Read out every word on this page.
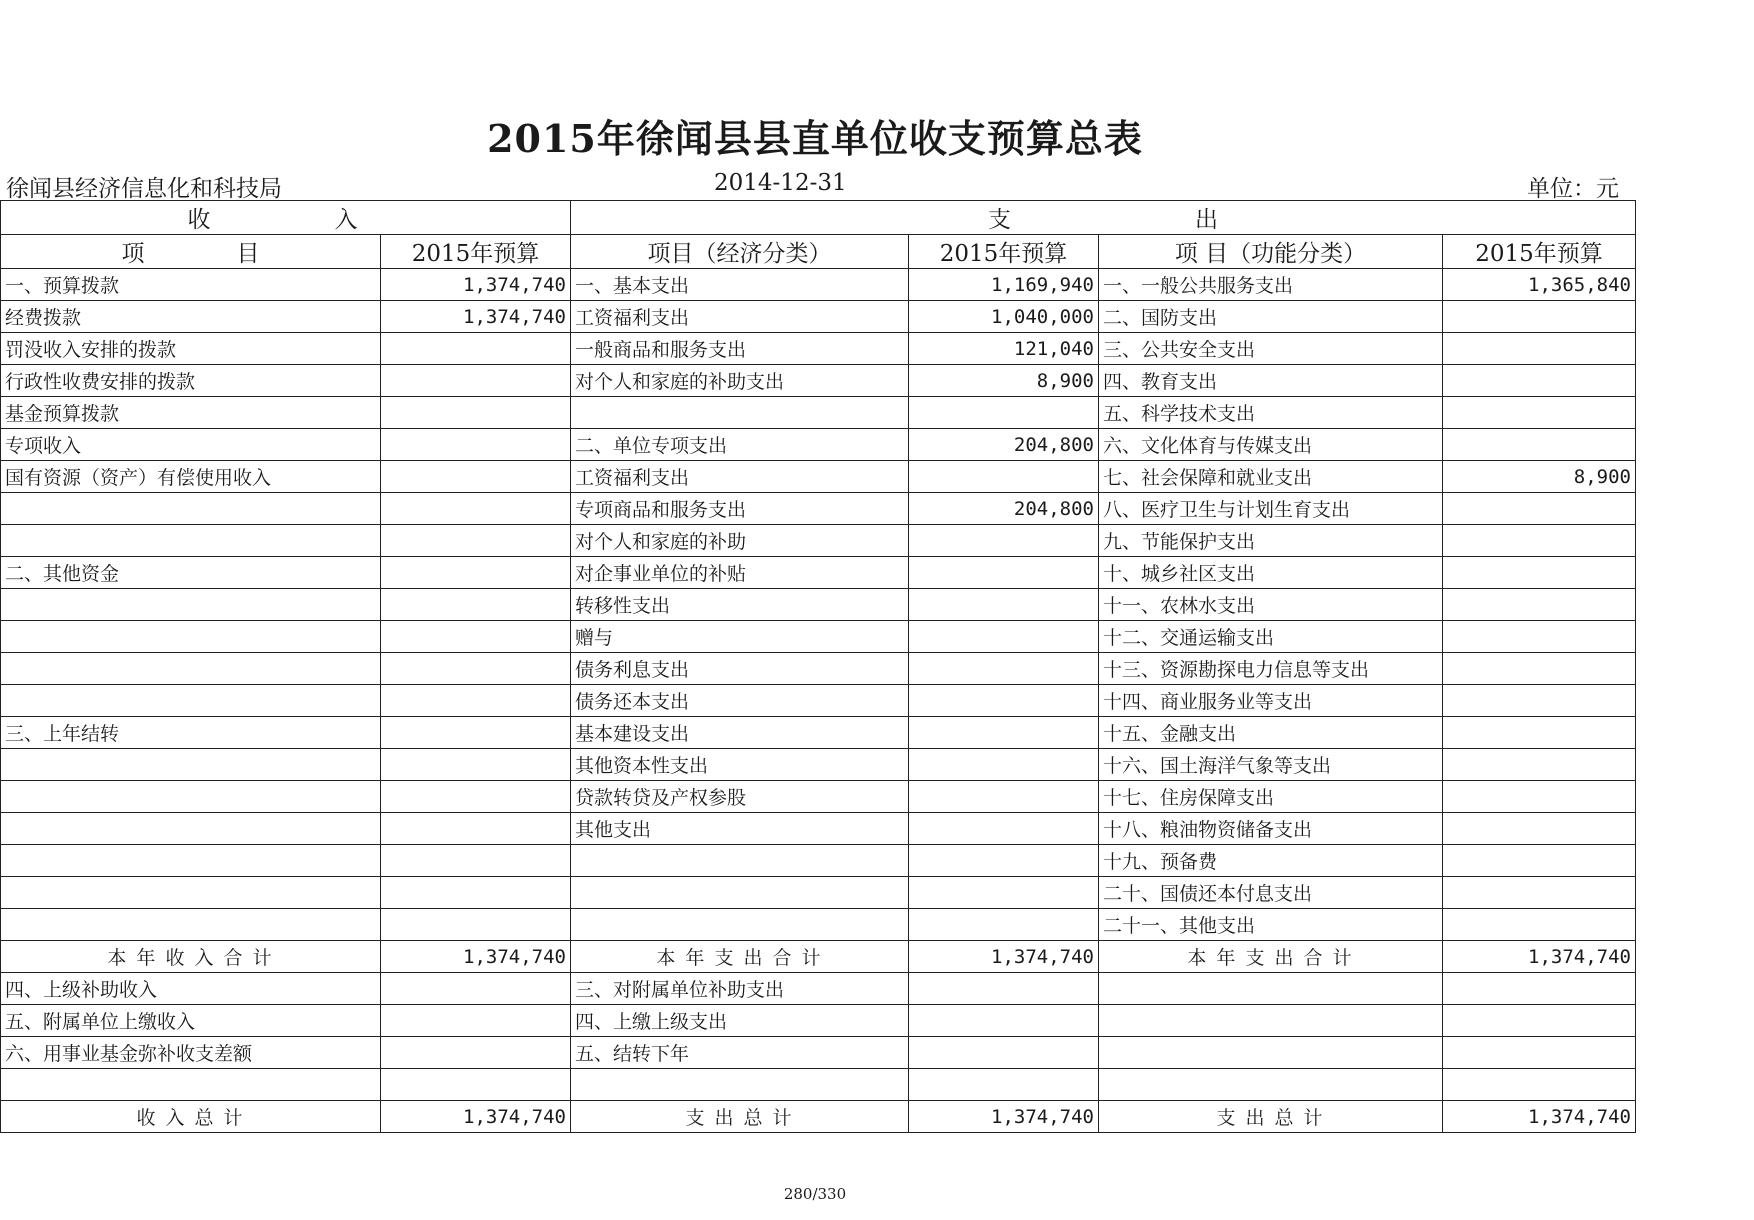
2015年徐闻县县直单位收支预算总表
徐闻县经济信息化和科技局	2014-12-31	单位：元
收　　入		支　　　　　　　　出			
项　　　　目	2015年预算	项目（经济分类）	2015年预算	项 目（功能分类）	2015年预算
一、预算拨款	1,374,740	一、基本支出	1,169,940	一、一般公共服务支出	1,365,840
经费拨款	1,374,740	工资福利支出	1,040,000	二、国防支出	
罚没收入安排的拨款		一般商品和服务支出	121,040	三、公共安全支出	
行政性收费安排的拨款		对个人和家庭的补助支出	8,900	四、教育支出	
基金预算拨款				五、科学技术支出	
专项收入		二、单位专项支出	204,800	六、文化体育与传媒支出	
国有资源（资产）有偿使用收入		工资福利支出		七、社会保障和就业支出	8,900
		专项商品和服务支出	204,800	八、医疗卫生与计划生育支出	
		对个人和家庭的补助		九、节能保护支出	
二、其他资金		对企事业单位的补贴		十、城乡社区支出	
		转移性支出		十一、农林水支出	
		赠与		十二、交通运输支出	
		债务利息支出		十三、资源勘探电力信息等支出	
		债务还本支出		十四、商业服务业等支出	
三、上年结转		基本建设支出		十五、金融支出	
		其他资本性支出		十六、国土海洋气象等支出	
		贷款转贷及产权参股		十七、住房保障支出	
		其他支出		十八、粮油物资储备支出	
				十九、预备费	
				二十、国债还本付息支出	
				二十一、其他支出	
本 年 收 入 合 计	1,374,740	本 年 支 出 合 计	1,374,740	本 年 支 出 合 计	1,374,740
四、上级补助收入		三、对附属单位补助支出			
五、附属单位上缴收入		四、上缴上级支出			
六、用事业基金弥补收支差额		五、结转下年			

收 入 总 计	1,374,740	支 出 总 计	1,374,740	支 出 总 计	1,374,740
280/330
